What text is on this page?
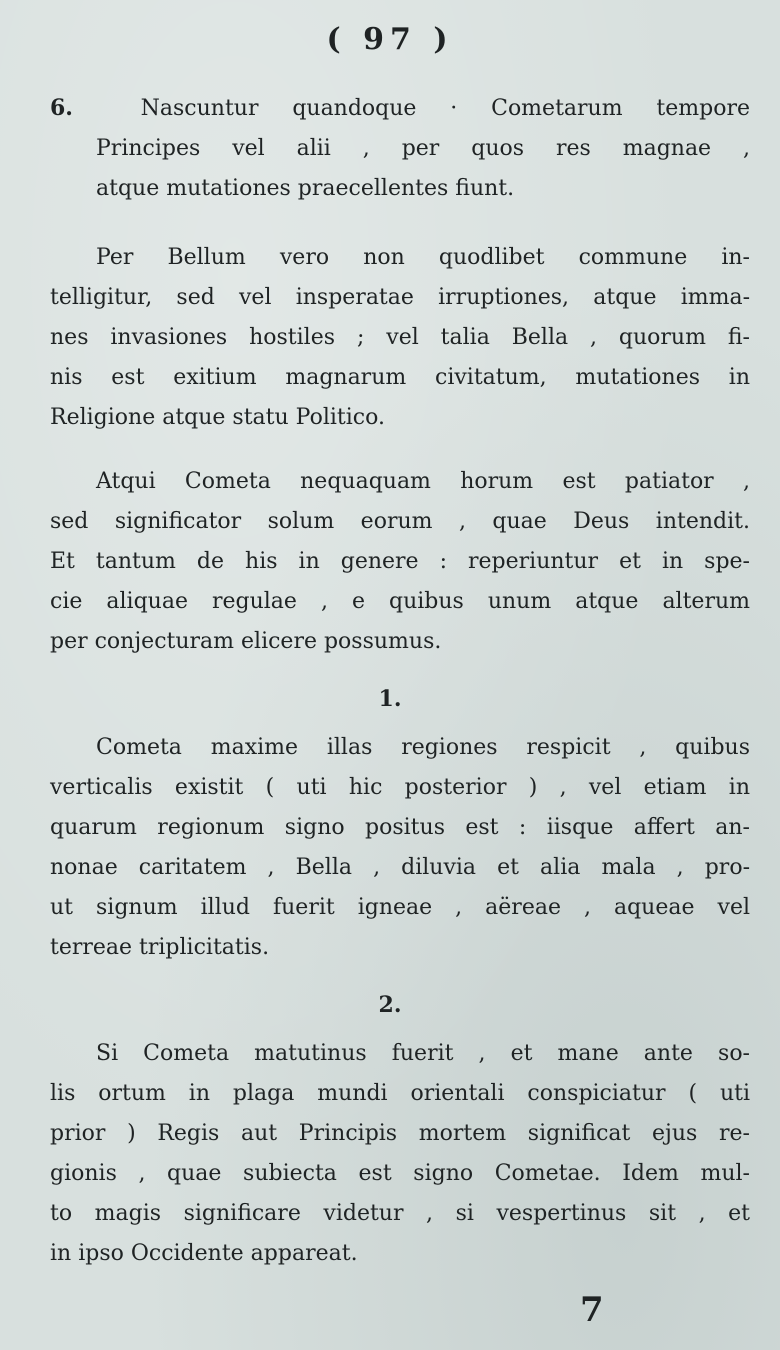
( 97 )
6.	Nascuntur quandoque · Cometarum tempore
Principes vel alii , per quos res magnae ,
atque mutationes praecellentes fiunt.
Per Bellum vero non quodlibet commune in-
telligitur, sed vel insperatae irruptiones, atque imma-
nes invasiones hostiles ; vel talia Bella , quorum fi-
nis est exitium magnarum civitatum, mutationes in
Religione atque statu Politico.
Atqui Cometa nequaquam horum est patiator ,
sed significator solum eorum , quae Deus intendit.
Et tantum de his in genere : reperiuntur et in spe-
cie aliquae regulae , e quibus unum atque alterum
per conjecturam elicere possumus.
1.
Cometa maxime illas regiones respicit , quibus
verticalis existit ( uti hic posterior ) , vel etiam in
quarum regionum signo positus est : iisque affert an-
nonae caritatem , Bella , diluvia et alia mala , pro-
ut signum illud fuerit igneae , aëreae , aqueae vel
terreae triplicitatis.
2.
Si Cometa matutinus fuerit , et mane ante so-
lis ortum in plaga mundi orientali conspiciatur ( uti
prior ) Regis aut Principis mortem significat ejus re-
gionis , quae subiecta est signo Cometae. Idem mul-
to magis significare videtur , si vespertinus sit , et
in ipso Occidente appareat.
7
